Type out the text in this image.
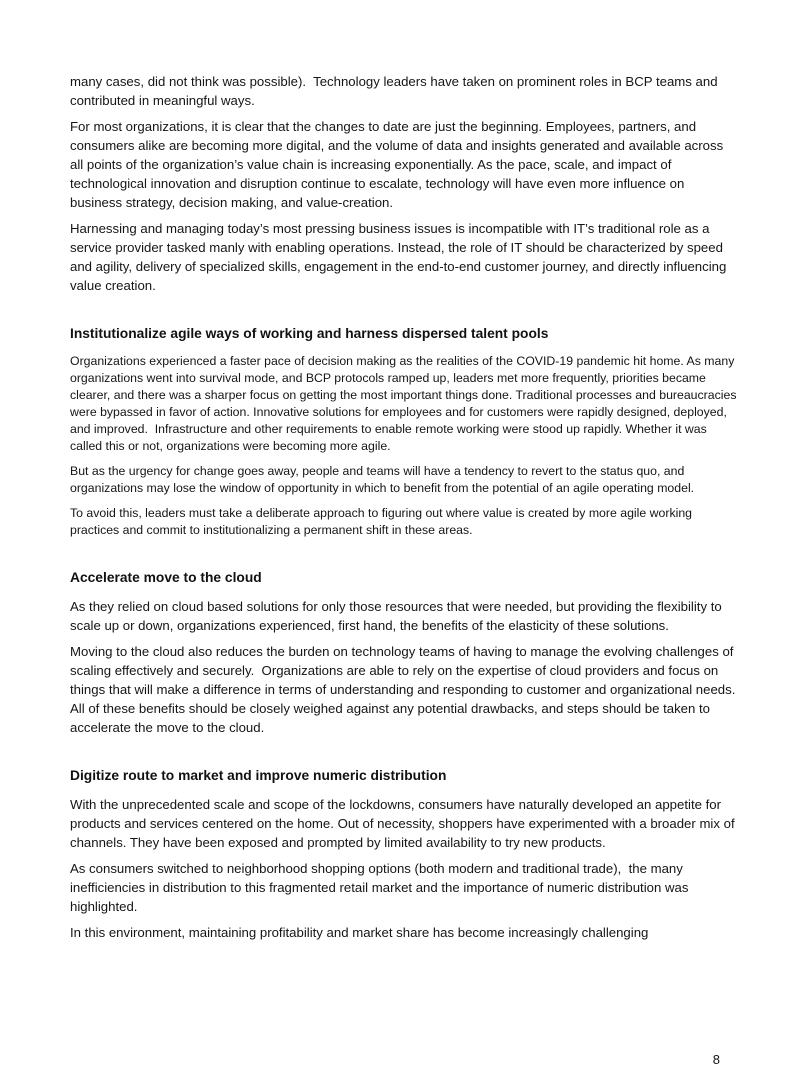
many cases, did not think was possible).  Technology leaders have taken on prominent roles in BCP teams and contributed in meaningful ways.

For most organizations, it is clear that the changes to date are just the beginning. Employees, partners, and consumers alike are becoming more digital, and the volume of data and insights generated and available across all points of the organization’s value chain is increasing exponentially. As the pace, scale, and impact of technological innovation and disruption continue to escalate, technology will have even more influence on business strategy, decision making, and value-creation.

Harnessing and managing today’s most pressing business issues is incompatible with IT’s traditional role as a service provider tasked manly with enabling operations. Instead, the role of IT should be characterized by speed and agility, delivery of specialized skills, engagement in the end-to-end customer journey, and directly influencing value creation.

Institutionalize agile ways of working and harness dispersed talent pools

Organizations experienced a faster pace of decision making as the realities of the COVID-19 pandemic hit home. As many organizations went into survival mode, and BCP protocols ramped up, leaders met more frequently, priorities became clearer, and there was a sharper focus on getting the most important things done. Traditional processes and bureaucracies were bypassed in favor of action. Innovative solutions for employees and for customers were rapidly designed, deployed, and improved.  Infrastructure and other requirements to enable remote working were stood up rapidly. Whether it was called this or not, organizations were becoming more agile.

But as the urgency for change goes away, people and teams will have a tendency to revert to the status quo, and organizations may lose the window of opportunity in which to benefit from the potential of an agile operating model.

To avoid this, leaders must take a deliberate approach to figuring out where value is created by more agile working practices and commit to institutionalizing a permanent shift in these areas.

Accelerate move to the cloud

As they relied on cloud based solutions for only those resources that were needed, but providing the flexibility to scale up or down, organizations experienced, first hand, the benefits of the elasticity of these solutions.

Moving to the cloud also reduces the burden on technology teams of having to manage the evolving challenges of scaling effectively and securely.  Organizations are able to rely on the expertise of cloud providers and focus on things that will make a difference in terms of understanding and responding to customer and organizational needs. All of these benefits should be closely weighed against any potential drawbacks, and steps should be taken to accelerate the move to the cloud.

Digitize route to market and improve numeric distribution

With the unprecedented scale and scope of the lockdowns, consumers have naturally developed an appetite for products and services centered on the home. Out of necessity, shoppers have experimented with a broader mix of channels. They have been exposed and prompted by limited availability to try new products.

As consumers switched to neighborhood shopping options (both modern and traditional trade),  the many inefficiencies in distribution to this fragmented retail market and the importance of numeric distribution was highlighted.

In this environment, maintaining profitability and market share has become increasingly challenging

8
